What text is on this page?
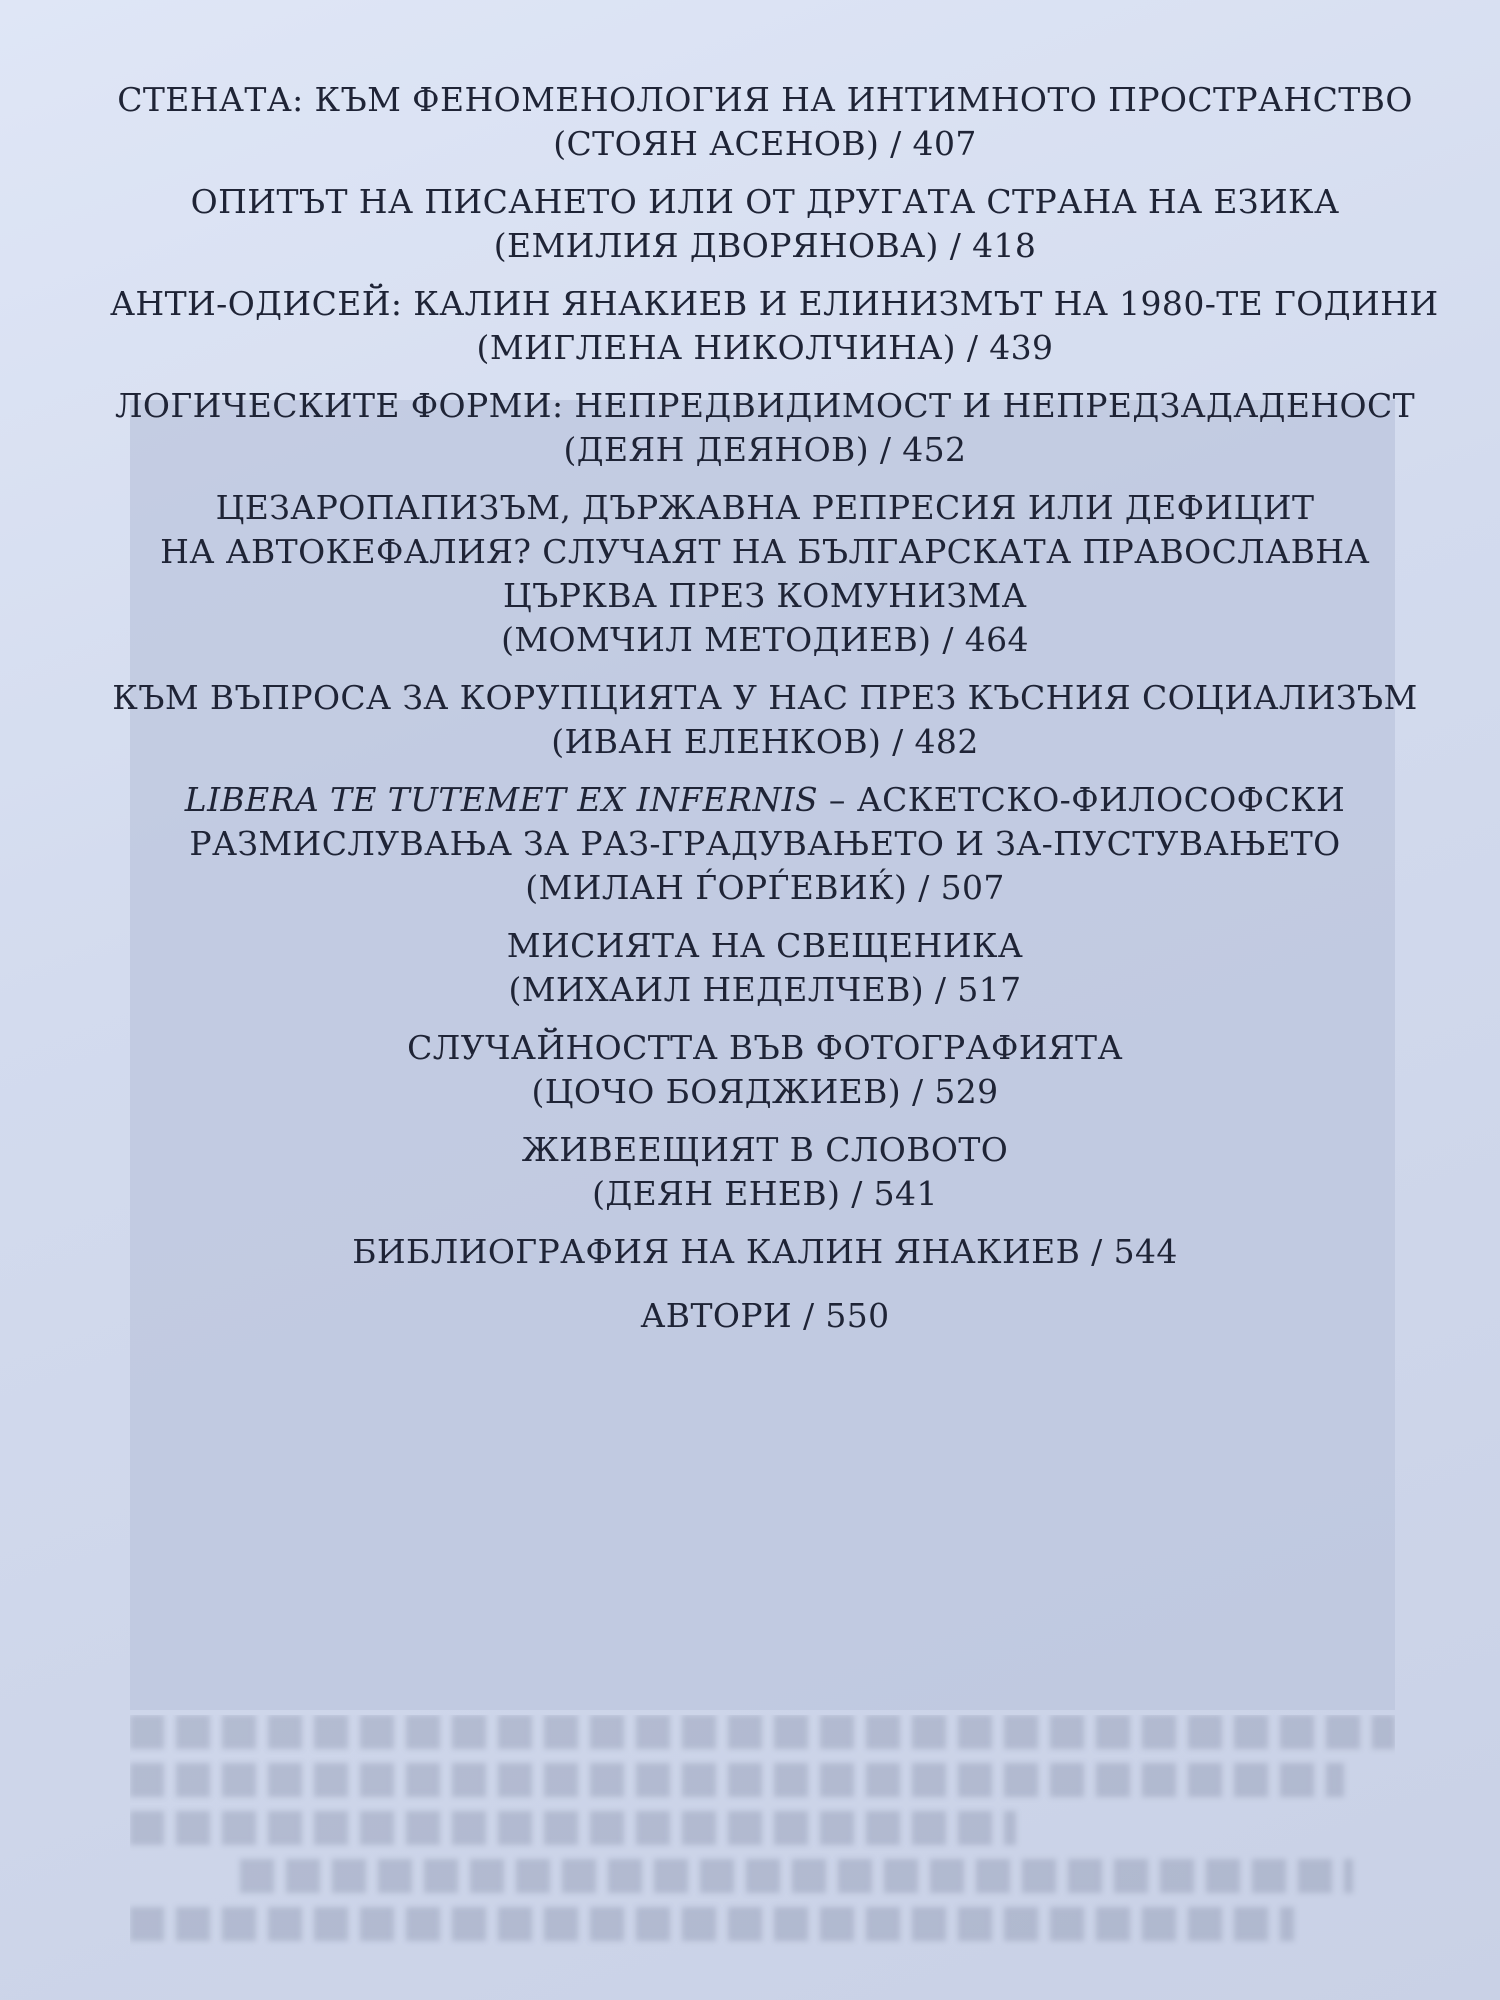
СТЕНАТА: КЪМ ФЕНОМЕНОЛОГИЯ НА ИНТИМНОТО ПРОСТРАНСТВО
(СТОЯН АСЕНОВ) / 407
ОПИТЪТ НА ПИСАНЕТО ИЛИ ОТ ДРУГАТА СТРАНА НА ЕЗИКА
(ЕМИЛИЯ ДВОРЯНОВА) / 418
АНТИ-ОДИСЕЙ: КАЛИН ЯНАКИЕВ И ЕЛИНИЗМЪТ НА 1980-ТЕ ГОДИНИ
(МИГЛЕНА НИКОЛЧИНА) / 439
ЛОГИЧЕСКИТЕ ФОРМИ: НЕПРЕДВИДИМОСТ И НЕПРЕДЗАДАДЕНОСТ
(ДЕЯН ДЕЯНОВ) / 452
ЦЕЗАРОПАПИЗЪМ, ДЪРЖАВНА РЕПРЕСИЯ ИЛИ ДЕФИЦИТ
НА АВТОКЕФАЛИЯ? СЛУЧАЯТ НА БЪЛГАРСКАТА ПРАВОСЛАВНА
ЦЪРКВА ПРЕЗ КОМУНИЗМА
(МОМЧИЛ МЕТОДИЕВ) / 464
КЪМ ВЪПРОСА ЗА КОРУПЦИЯТА У НАС ПРЕЗ КЪСНИЯ СОЦИАЛИЗЪМ
(ИВАН ЕЛЕНКОВ) / 482
LIBERA TE TUTEMET EX INFERNIS – АСКЕТСКО-ФИЛОСОФСКИ
РАЗМИСЛУВАЊА ЗА РАЗ-ГРАДУВАЊЕТО И ЗА-ПУСТУВАЊЕТО
(МИЛАН ЃОРЃЕВИЌ) / 507
МИСИЯТА НА СВЕЩЕНИКА
(МИХАИЛ НЕДЕЛЧЕВ) / 517
СЛУЧАЙНОСТТА ВЪВ ФОТОГРАФИЯТА
(ЦОЧО БОЯДЖИЕВ) / 529
ЖИВЕЕЩИЯТ В СЛОВОТО
(ДЕЯН ЕНЕВ) / 541
БИБЛИОГРАФИЯ НА КАЛИН ЯНАКИЕВ / 544
АВТОРИ / 550
